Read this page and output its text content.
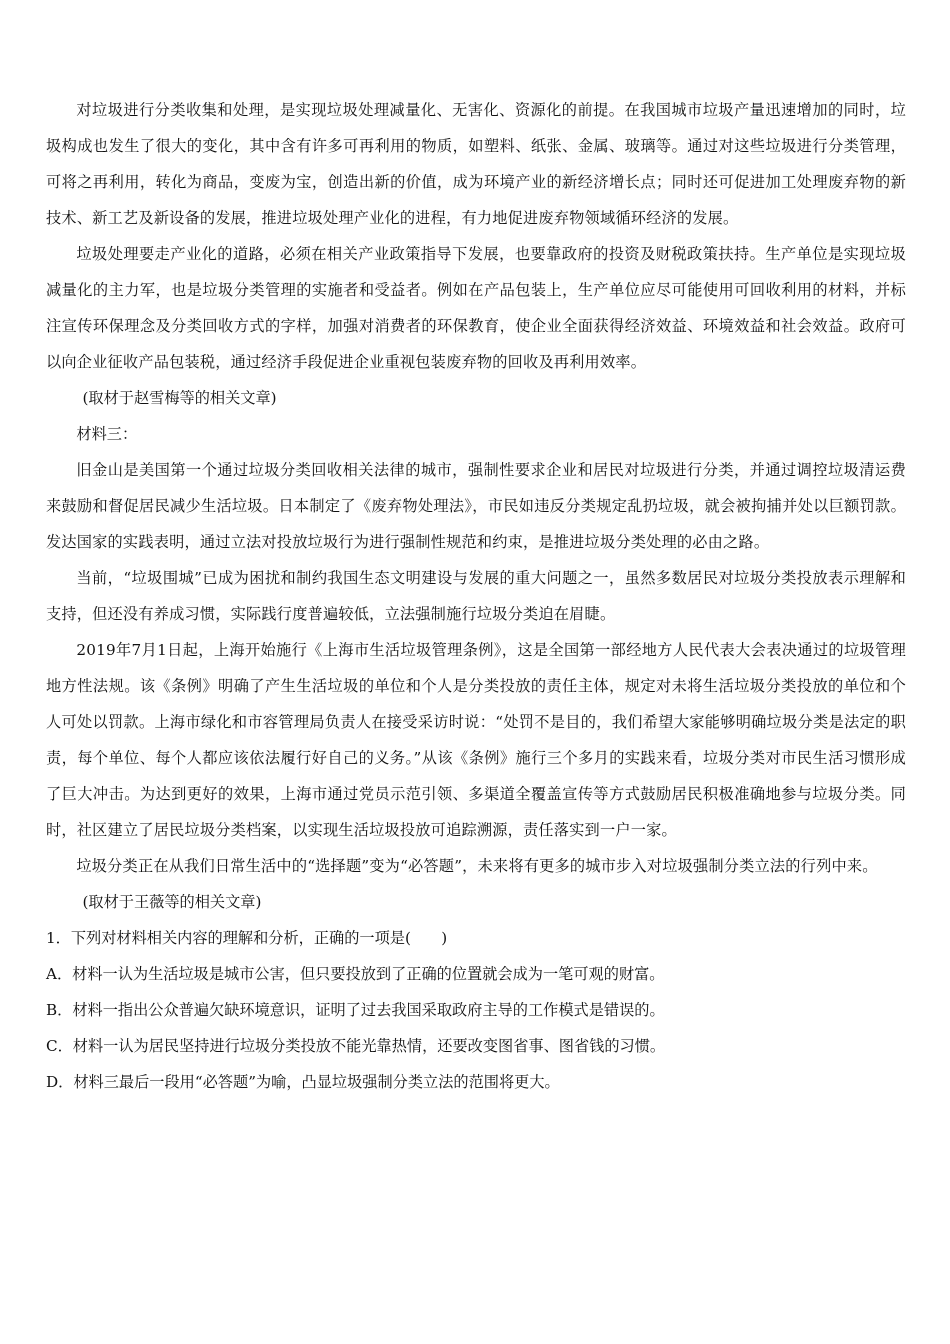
对垃圾进行分类收集和处理，是实现垃圾处理减量化、无害化、资源化的前提。在我国城市垃圾产量迅速增加的同时，垃圾构成也发生了很大的变化，其中含有许多可再利用的物质，如塑料、纸张、金属、玻璃等。通过对这些垃圾进行分类管理，可将之再利用，转化为商品，变废为宝，创造出新的价值，成为环境产业的新经济增长点；同时还可促进加工处理废弃物的新技术、新工艺及新设备的发展，推进垃圾处理产业化的进程，有力地促进废弃物领域循环经济的发展。

垃圾处理要走产业化的道路，必须在相关产业政策指导下发展，也要靠政府的投资及财税政策扶持。生产单位是实现垃圾减量化的主力军，也是垃圾分类管理的实施者和受益者。例如在产品包装上，生产单位应尽可能使用可回收利用的材料，并标注宣传环保理念及分类回收方式的字样，加强对消费者的环保教育，使企业全面获得经济效益、环境效益和社会效益。政府可以向企业征收产品包装税，通过经济手段促进企业重视包装废弃物的回收及再利用效率。

(取材于赵雪梅等的相关文章)

材料三：

旧金山是美国第一个通过垃圾分类回收相关法律的城市，强制性要求企业和居民对垃圾进行分类，并通过调控垃圾清运费来鼓励和督促居民减少生活垃圾。日本制定了《废弃物处理法》，市民如违反分类规定乱扔垃圾，就会被拘捕并处以巨额罚款。发达国家的实践表明，通过立法对投放垃圾行为进行强制性规范和约束，是推进垃圾分类处理的必由之路。

当前，“垃圾围城”已成为困扰和制约我国生态文明建设与发展的重大问题之一，虽然多数居民对垃圾分类投放表示理解和支持，但还没有养成习惯，实际践行度普遍较低，立法强制施行垃圾分类迫在眉睫。

2019年7月1日起，上海开始施行《上海市生活垃圾管理条例》，这是全国第一部经地方人民代表大会表决通过的垃圾管理地方性法规。该《条例》明确了产生生活垃圾的单位和个人是分类投放的责任主体，规定对未将生活垃圾分类投放的单位和个人可处以罚款。上海市绿化和市容管理局负责人在接受采访时说：“处罚不是目的，我们希望大家能够明确垃圾分类是法定的职责，每个单位、每个人都应该依法履行好自己的义务。”从该《条例》施行三个多月的实践来看，垃圾分类对市民生活习惯形成了巨大冲击。为达到更好的效果，上海市通过党员示范引领、多渠道全覆盖宣传等方式鼓励居民积极准确地参与垃圾分类。同时，社区建立了居民垃圾分类档案，以实现生活垃圾投放可追踪溯源，责任落实到一户一家。

垃圾分类正在从我们日常生活中的“选择题”变为“必答题”，未来将有更多的城市步入对垃圾强制分类立法的行列中来。

(取材于王薇等的相关文章)

1．下列对材料相关内容的理解和分析，正确的一项是(　　)

A．材料一认为生活垃圾是城市公害，但只要投放到了正确的位置就会成为一笔可观的财富。

B．材料一指出公众普遍欠缺环境意识，证明了过去我国采取政府主导的工作模式是错误的。

C．材料一认为居民坚持进行垃圾分类投放不能光靠热情，还要改变图省事、图省钱的习惯。

D．材料三最后一段用“必答题”为喻，凸显垃圾强制分类立法的范围将更大。
